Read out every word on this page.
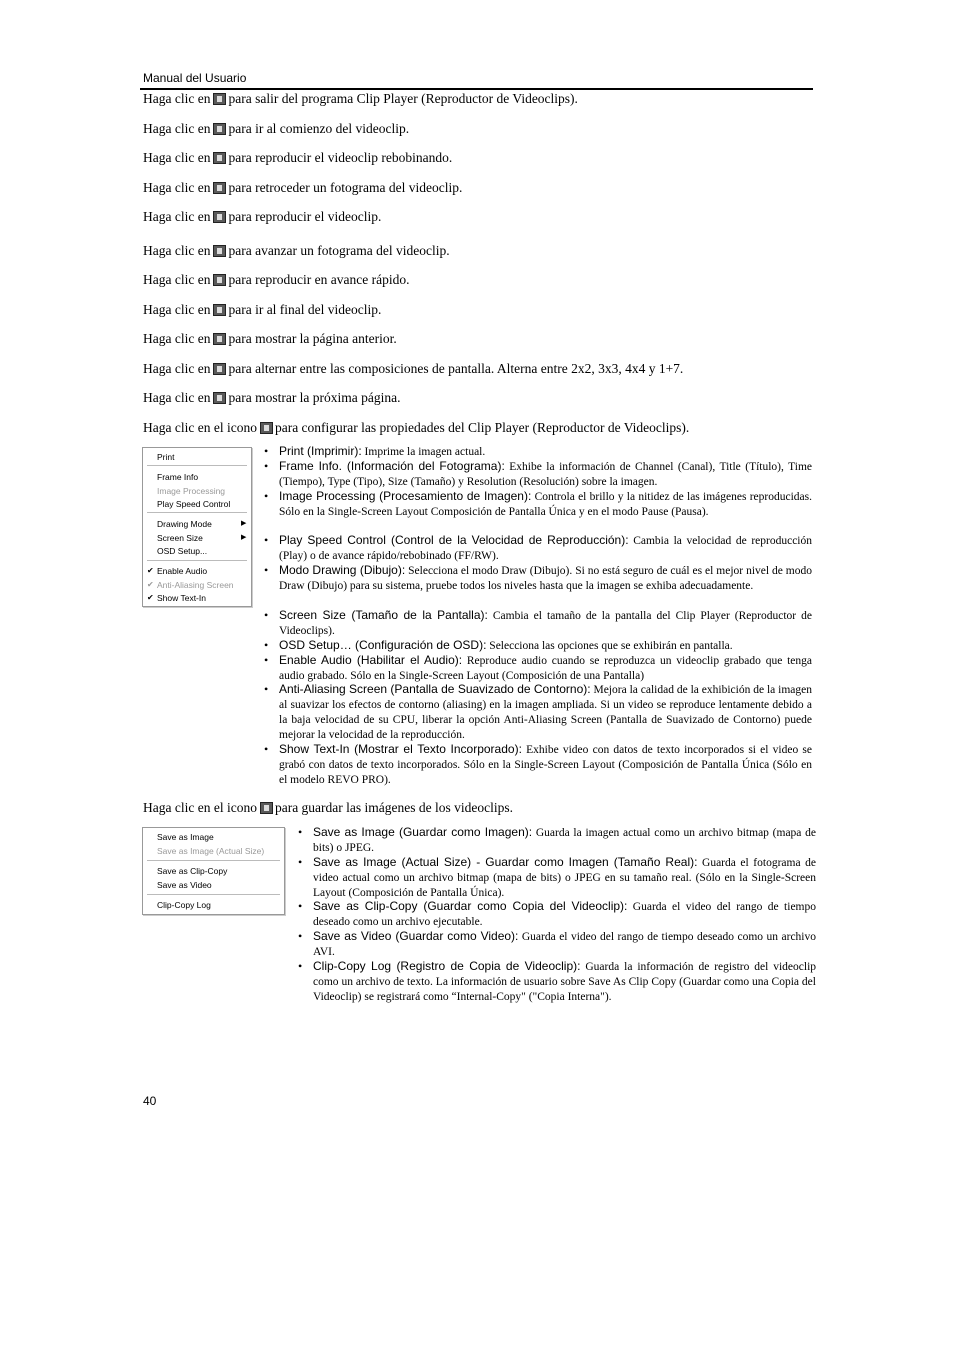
Manual del Usuario
Haga clic en para salir del programa Clip Player (Reproductor de Videoclips).
Haga clic en para ir al comienzo del videoclip.
Haga clic en para reproducir el videoclip rebobinando.
Haga clic en para retroceder un fotograma del videoclip.
Haga clic en para reproducir el videoclip.
Haga clic en para avanzar un fotograma del videoclip.
Haga clic en para reproducir en avance rápido.
Haga clic en para ir al final del videoclip.
Haga clic en para mostrar la página anterior.
Haga clic en para alternar entre las composiciones de pantalla. Alterna entre 2x2, 3x3, 4x4 y 1+7.
Haga clic en para mostrar la próxima página.
Haga clic en el icono para configurar las propiedades del Clip Player (Reproductor de Videoclips).
Print
Frame Info
Image Processing
Play Speed Control
Drawing Mode	▶
Screen Size	▶
OSD Setup...
✔ Enable Audio
✔ Anti-Aliasing Screen
✔ Show Text-In
• Print (Imprimir): Imprime la imagen actual.
• Frame Info. (Información del Fotograma): Exhibe la información de Channel (Canal), Title (Título), Time (Tiempo), Type (Tipo), Size (Tamaño) y Resolution (Resolución) sobre la imagen.
• Image Processing (Procesamiento de Imagen): Controla el brillo y la nitidez de las imágenes reproducidas. Sólo en la Single-Screen Layout Composición de Pantalla Única y en el modo Pause (Pausa).
• Play Speed Control (Control de la Velocidad de Reproducción): Cambia la velocidad de reproducción (Play) o de avance rápido/rebobinado (FF/RW).
• Modo Drawing (Dibujo): Selecciona el modo Draw (Dibujo). Si no está seguro de cuál es el mejor nivel de modo Draw (Dibujo) para su sistema, pruebe todos los niveles hasta que la imagen se exhiba adecuadamente.
• Screen Size (Tamaño de la Pantalla): Cambia el tamaño de la pantalla del Clip Player (Reproductor de Videoclips).
• OSD Setup… (Configuración de OSD): Selecciona las opciones que se exhibirán en pantalla.
• Enable Audio (Habilitar el Audio): Reproduce audio cuando se reproduzca un videoclip grabado que tenga audio grabado. Sólo en la Single-Screen Layout (Composición de una Pantalla)
• Anti-Aliasing Screen (Pantalla de Suavizado de Contorno): Mejora la calidad de la exhibición de la imagen al suavizar los efectos de contorno (aliasing) en la imagen ampliada. Si un video se reproduce lentamente debido a la baja velocidad de su CPU, liberar la opción Anti-Aliasing Screen (Pantalla de Suavizado de Contorno) puede mejorar la velocidad de la reproducción.
• Show Text-In (Mostrar el Texto Incorporado): Exhibe video con datos de texto incorporados si el video se grabó con datos de texto incorporados. Sólo en la Single-Screen Layout (Composición de Pantalla Única (Sólo en el modelo REVO PRO).
Haga clic en el icono para guardar las imágenes de los videoclips.
Save as Image
Save as Image (Actual Size)
Save as Clip-Copy
Save as Video
Clip-Copy Log
• Save as Image (Guardar como Imagen): Guarda la imagen actual como un archivo bitmap (mapa de bits) o JPEG.
• Save as Image (Actual Size) - Guardar como Imagen (Tamaño Real): Guarda el fotograma de video actual como un archivo bitmap (mapa de bits) o JPEG en su tamaño real. (Sólo en la Single-Screen Layout (Composición de Pantalla Única).
• Save as Clip-Copy (Guardar como Copia del Videoclip): Guarda el video del rango de tiempo deseado como un archivo ejecutable.
• Save as Video (Guardar como Video): Guarda el video del rango de tiempo deseado como un archivo AVI.
• Clip-Copy Log (Registro de Copia de Videoclip): Guarda la información de registro del videoclip como un archivo de texto. La información de usuario sobre Save As Clip Copy (Guardar como una Copia del Videoclip) se registrará como “Internal-Copy" ("Copia Interna").
40
